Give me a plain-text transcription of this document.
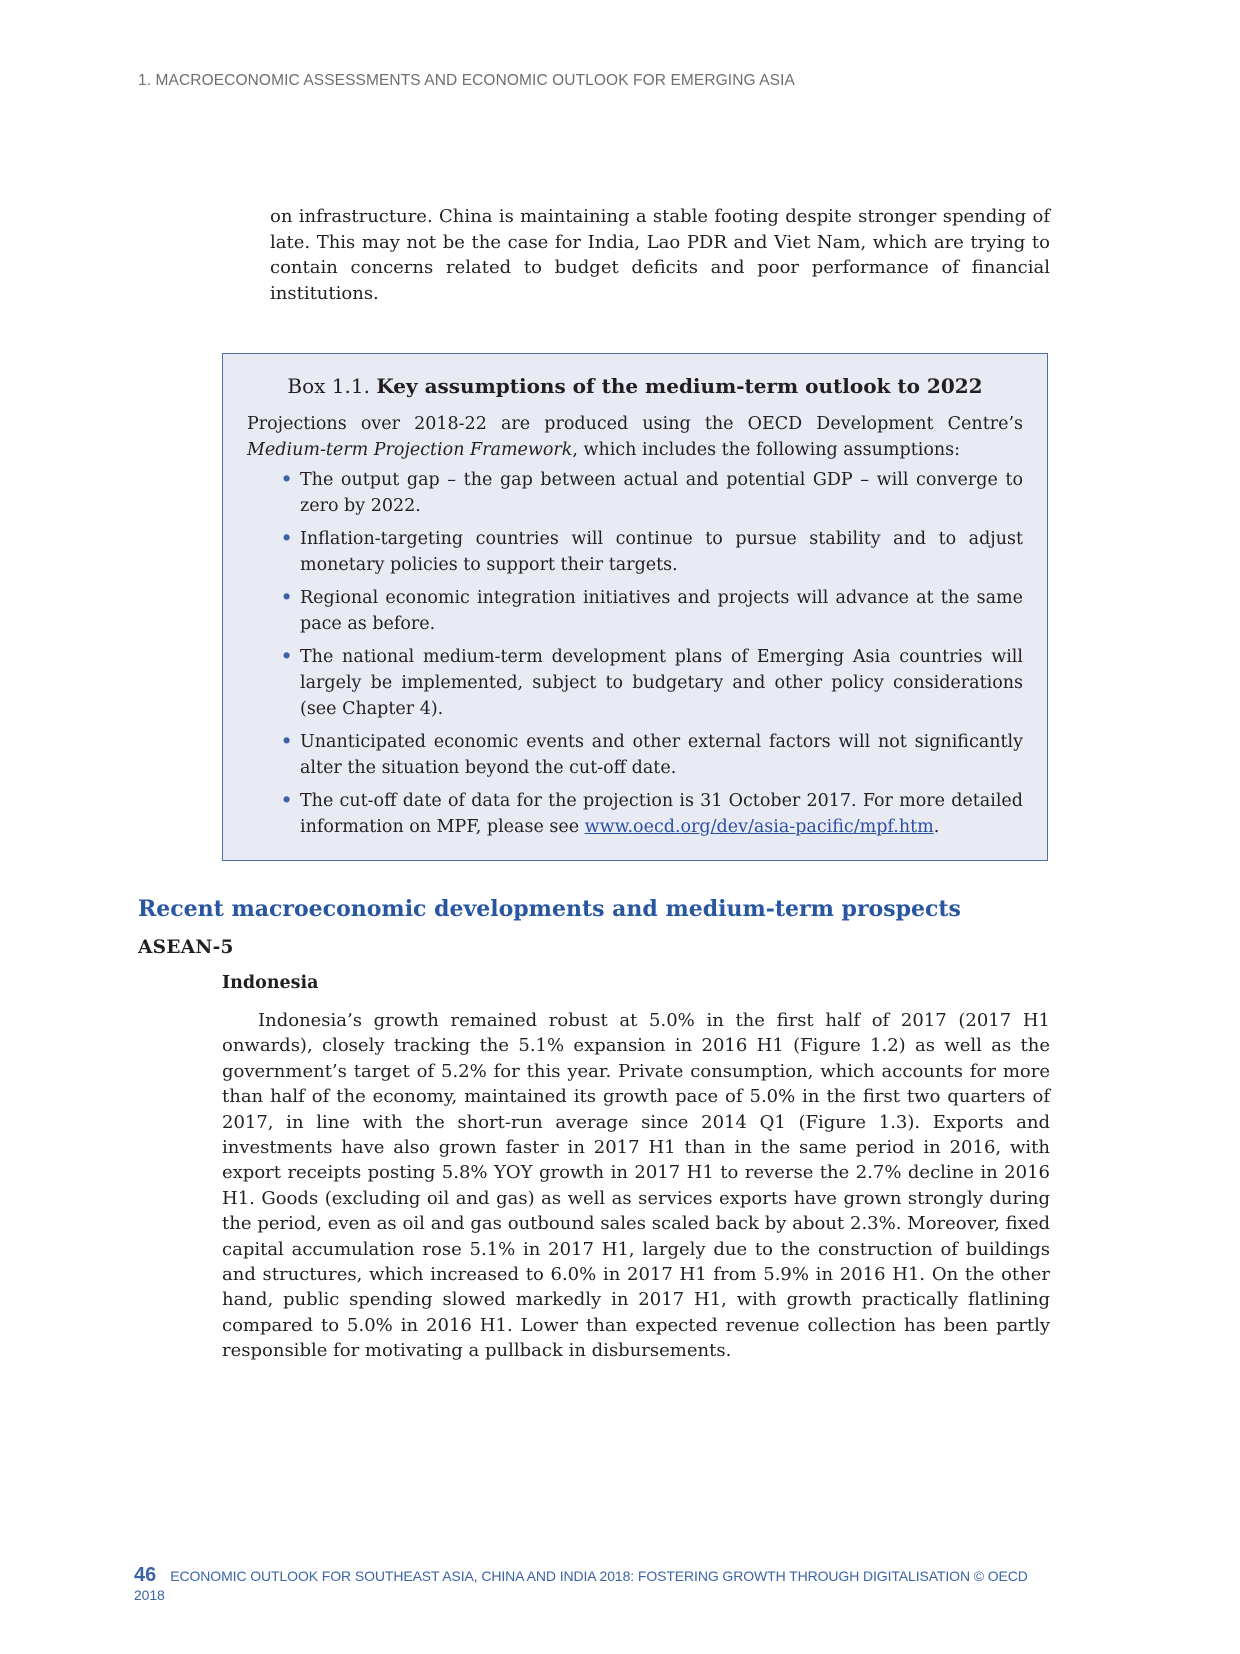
1. MACROECONOMIC ASSESSMENTS AND ECONOMIC OUTLOOK FOR EMERGING ASIA

on infrastructure. China is maintaining a stable footing despite stronger spending of late. This may not be the case for India, Lao PDR and Viet Nam, which are trying to contain concerns related to budget deficits and poor performance of financial institutions.

Box 1.1. Key assumptions of the medium-term outlook to 2022

Projections over 2018-22 are produced using the OECD Development Centre’s Medium-term Projection Framework, which includes the following assumptions:

• The output gap – the gap between actual and potential GDP – will converge to zero by 2022.
• Inflation-targeting countries will continue to pursue stability and to adjust monetary policies to support their targets.
• Regional economic integration initiatives and projects will advance at the same pace as before.
• The national medium-term development plans of Emerging Asia countries will largely be implemented, subject to budgetary and other policy considerations (see Chapter 4).
• Unanticipated economic events and other external factors will not significantly alter the situation beyond the cut-off date.
• The cut-off date of data for the projection is 31 October 2017. For more detailed information on MPF, please see www.oecd.org/dev/asia-pacific/mpf.htm.
Recent macroeconomic developments and medium-term prospects
ASEAN-5
Indonesia

Indonesia’s growth remained robust at 5.0% in the first half of 2017 (2017 H1 onwards), closely tracking the 5.1% expansion in 2016 H1 (Figure 1.2) as well as the government’s target of 5.2% for this year. Private consumption, which accounts for more than half of the economy, maintained its growth pace of 5.0% in the first two quarters of 2017, in line with the short-run average since 2014 Q1 (Figure 1.3). Exports and investments have also grown faster in 2017 H1 than in the same period in 2016, with export receipts posting 5.8% YOY growth in 2017 H1 to reverse the 2.7% decline in 2016 H1. Goods (excluding oil and gas) as well as services exports have grown strongly during the period, even as oil and gas outbound sales scaled back by about 2.3%. Moreover, fixed capital accumulation rose 5.1% in 2017 H1, largely due to the construction of buildings and structures, which increased to 6.0% in 2017 H1 from 5.9% in 2016 H1. On the other hand, public spending slowed markedly in 2017 H1, with growth practically flatlining compared to 5.0% in 2016 H1. Lower than expected revenue collection has been partly responsible for motivating a pullback in disbursements.

46 ECONOMIC OUTLOOK FOR SOUTHEAST ASIA, CHINA AND INDIA 2018: FOSTERING GROWTH THROUGH DIGITALISATION © OECD 2018
